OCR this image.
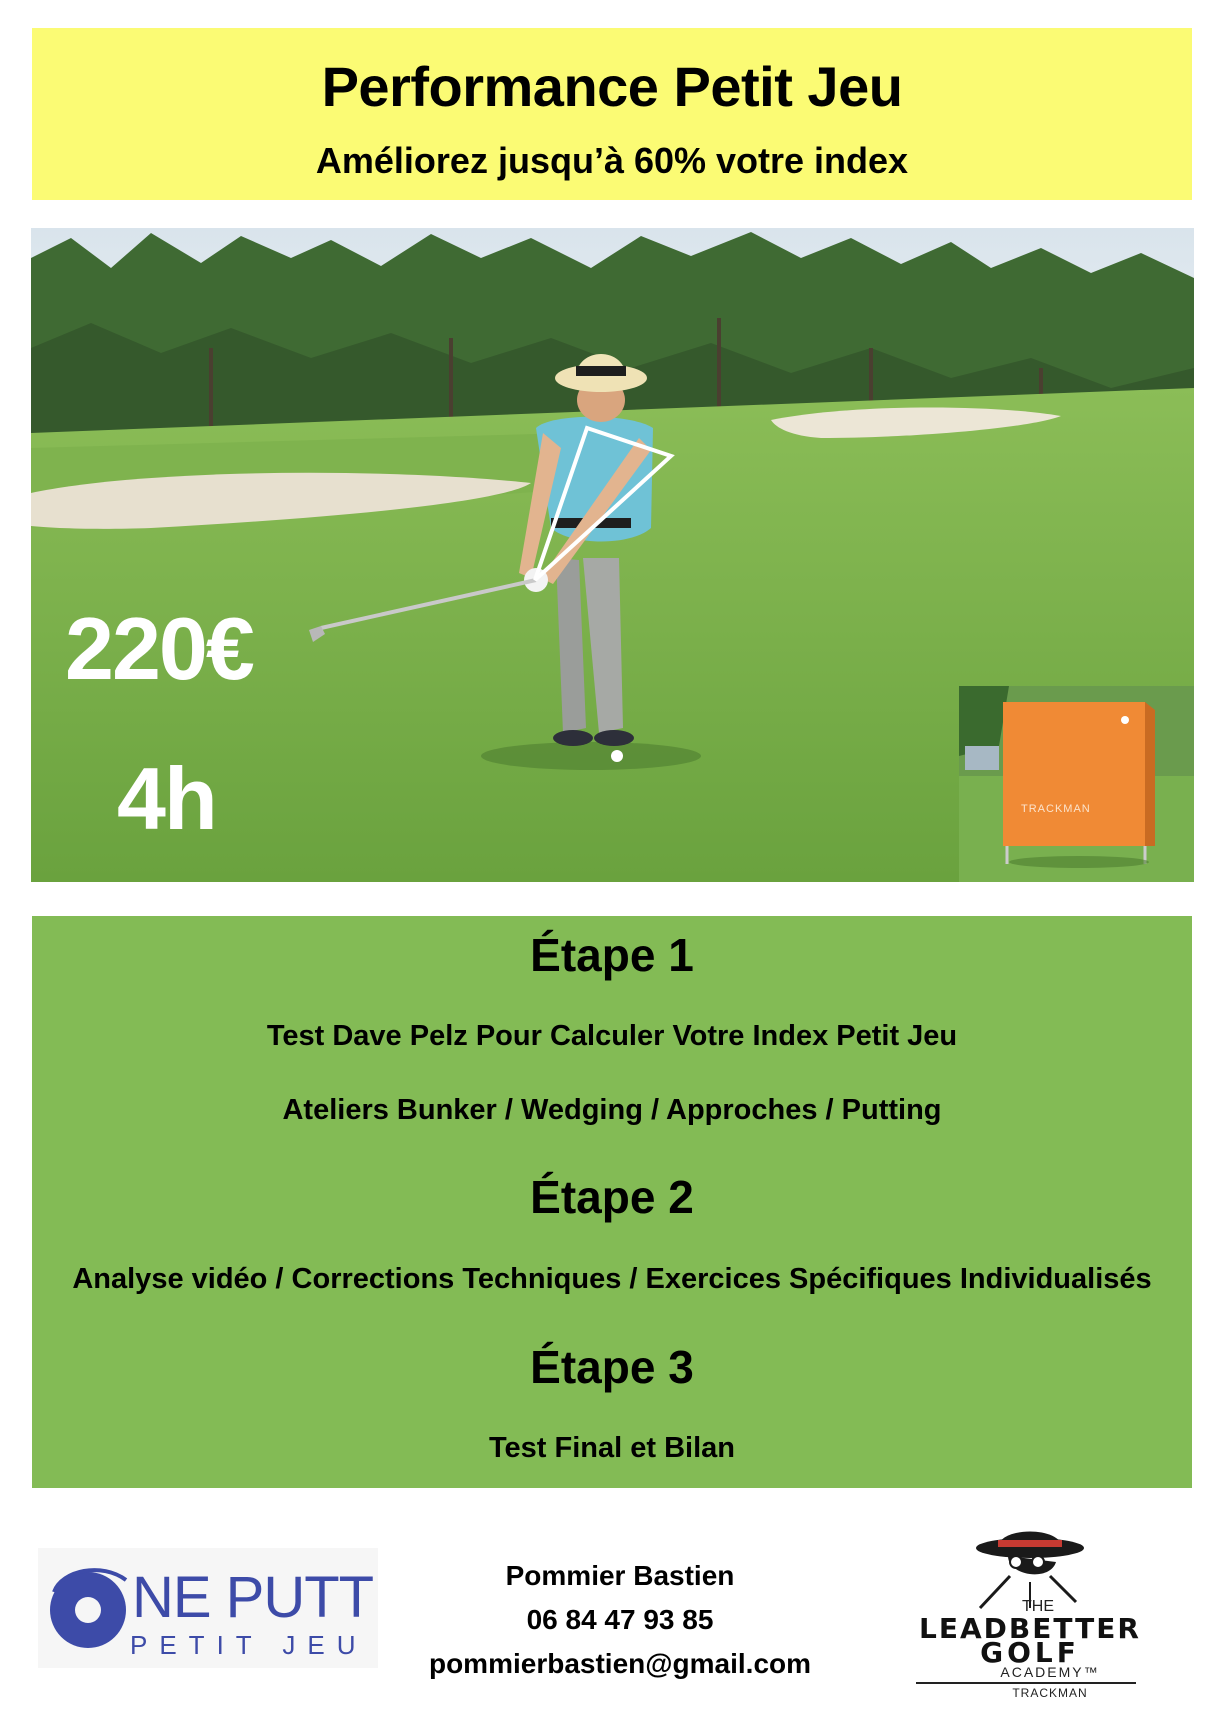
Performance Petit Jeu
Améliorez jusqu’à 60% votre index
220€
4h	TRACKMAN
Étape 1
Test Dave Pelz Pour Calculer Votre Index Petit Jeu
Ateliers Bunker / Wedging / Approches / Putting
Étape 2
Analyse vidéo / Corrections Techniques / Exercices Spécifiques Individualisés
Étape 3
Test Final et Bilan
NE PUTT
PETIT JEU
Pommier Bastien
06 84 47 93 85
pommierbastien@gmail.com
THE
LEADBETTER
GOLF
ACADEMY™
TRACKMAN
